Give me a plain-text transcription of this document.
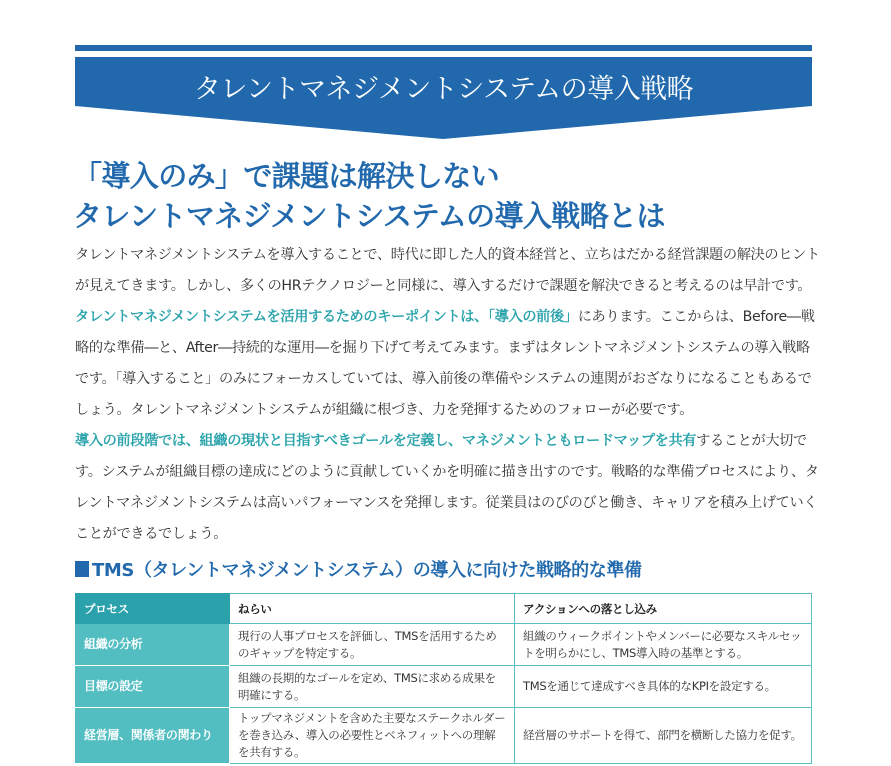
タレントマネジメントシステムの導入戦略
「導入のみ」で課題は解決しない
タレントマネジメントシステムの導入戦略とは

タレントマネジメントシステムを導入することで、時代に即した人的資本経営と、立ちはだかる経営課題の解決のヒントが見えてきます。しかし、多くのHRテクノロジーと同様に、導入するだけで課題を解決できると考えるのは早計です。タレントマネジメントシステムを活用するためのキーポイントは、「導入の前後」にあります。ここからは、Before―戦略的な準備―と、After―持続的な運用―を掘り下げて考えてみます。まずはタレントマネジメントシステムの導入戦略です。「導入すること」のみにフォーカスしていては、導入前後の準備やシステムの連関がおざなりになることもあるでしょう。タレントマネジメントシステムが組織に根づき、力を発揮するためのフォローが必要です。

導入の前段階では、組織の現状と目指すべきゴールを定義し、マネジメントともロードマップを共有することが大切です。システムが組織目標の達成にどのように貢献していくかを明確に描き出すのです。戦略的な準備プロセスにより、タレントマネジメントシステムは高いパフォーマンスを発揮します。従業員はのびのびと働き、キャリアを積み上げていくことができるでしょう。

TMS（タレントマネジメントシステム）の導入に向けた戦略的な準備
プロセス	ねらい	アクションへの落とし込み
組織の分析	現行の人事プロセスを評価し、TMSを活用するためのギャップを特定する。	組織のウィークポイントやメンバーに必要なスキルセットを明らかにし、TMS導入時の基準とする。
目標の設定	組織の長期的なゴールを定め、TMSに求める成果を明確にする。	TMSを通じて達成すべき具体的なKPIを設定する。
経営層、関係者の関わり	トップマネジメントを含めた主要なステークホルダーを巻き込み、導入の必要性とベネフィットへの理解を共有する。	経営層のサポートを得て、部門を横断した協力を促す。
